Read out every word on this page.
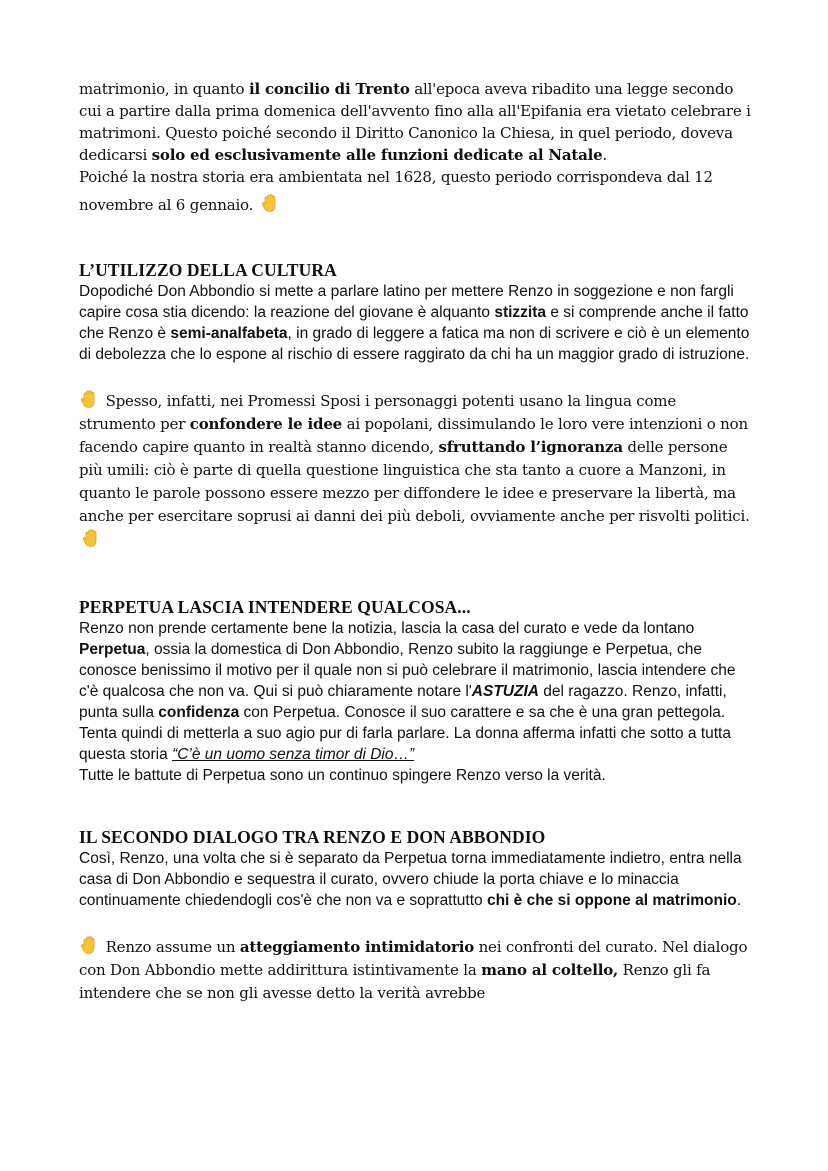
matrimonio, in quanto il concilio di Trento all'epoca aveva ribadito una legge secondo cui a partire dalla prima domenica dell'avvento fino alla all'Epifania era vietato celebrare i matrimoni. Questo poiché secondo il Diritto Canonico la Chiesa, in quel periodo, doveva dedicarsi solo ed esclusivamente alle funzioni dedicate al Natale.

Poiché la nostra storia era ambientata nel 1628, questo periodo corrispondeva dal 12 novembre al 6 gennaio.

L’UTILIZZO DELLA CULTURA

Dopodiché Don Abbondio si mette a parlare latino per mettere Renzo in soggezione e non fargli capire cosa stia dicendo: la reazione del giovane è alquanto stizzita e si comprende anche il fatto che Renzo è semi-analfabeta, in grado di leggere a fatica ma non di scrivere e ciò è un elemento di debolezza che lo espone al rischio di essere raggirato da chi ha un maggior grado di istruzione.

Spesso, infatti, nei Promessi Sposi i personaggi potenti usano la lingua come strumento per confondere le idee ai popolani, dissimulando le loro vere intenzioni o non facendo capire quanto in realtà stanno dicendo, sfruttando l’ignoranza delle persone più umili: ciò è parte di quella questione linguistica che sta tanto a cuore a Manzoni, in quanto le parole possono essere mezzo per diffondere le idee e preservare la libertà, ma anche per esercitare soprusi ai danni dei più deboli, ovviamente anche per risvolti politici.

PERPETUA LASCIA INTENDERE QUALCOSA...

Renzo non prende certamente bene la notizia, lascia la casa del curato e vede da lontano Perpetua, ossia la domestica di Don Abbondio, Renzo subito la raggiunge e Perpetua, che conosce benissimo il motivo per il quale non si può celebrare il matrimonio, lascia intendere che c'è qualcosa che non va. Qui si può chiaramente notare l'ASTUZIA del ragazzo. Renzo, infatti, punta sulla confidenza con Perpetua. Conosce il suo carattere e sa che è una gran pettegola. Tenta quindi di metterla a suo agio pur di farla parlare. La donna afferma infatti che sotto a tutta questa storia “C’è un uomo senza timor di Dio…”

Tutte le battute di Perpetua sono un continuo spingere Renzo verso la verità.

IL SECONDO DIALOGO TRA RENZO E DON ABBONDIO

Così, Renzo, una volta che si è separato da Perpetua torna immediatamente indietro, entra nella casa di Don Abbondio e sequestra il curato, ovvero chiude la porta chiave e lo minaccia continuamente chiedendogli cos'è che non va e soprattutto chi è che si oppone al matrimonio.

Renzo assume un atteggiamento intimidatorio nei confronti del curato. Nel dialogo con Don Abbondio mette addirittura istintivamente la mano al coltello, Renzo gli fa intendere che se non gli avesse detto la verità avrebbe
